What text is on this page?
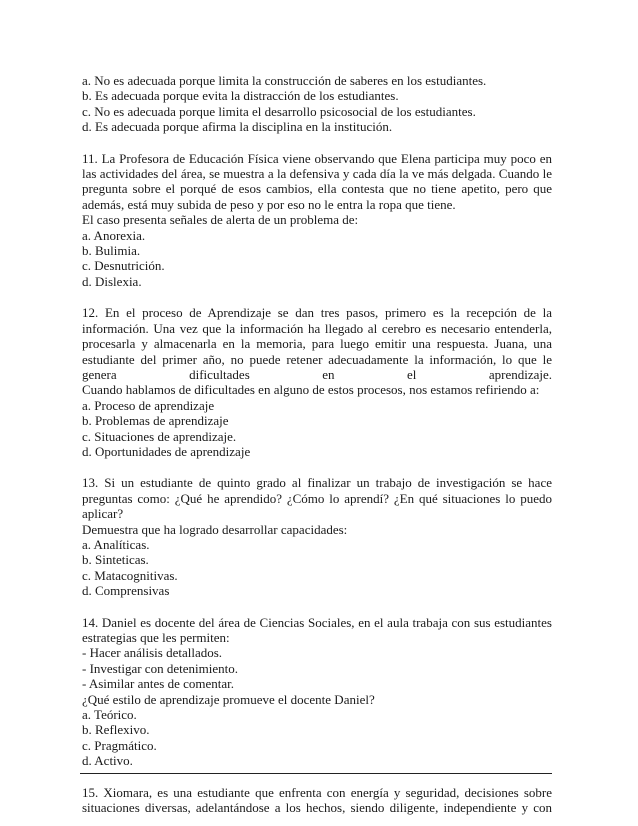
a. No es adecuada porque limita la construcción de saberes en los estudiantes.
b. Es adecuada porque evita la distracción de los estudiantes.
c. No es adecuada porque limita el desarrollo psicosocial de los estudiantes.
d. Es adecuada porque afirma la disciplina en la institución.
11. La Profesora de Educación Física viene observando que Elena participa muy poco en las actividades del área, se muestra a la defensiva y cada día la ve más delgada. Cuando le pregunta sobre el porqué de esos cambios, ella contesta que no tiene apetito, pero que además, está muy subida de peso y por eso no le entra la ropa que tiene.
El caso presenta señales de alerta de un problema de:
a. Anorexia.
b. Bulimia.
c. Desnutrición.
d. Dislexia.
12. En el proceso de Aprendizaje se dan tres pasos, primero es la recepción de la información. Una vez que la información ha llegado al cerebro es necesario entenderla, procesarla y almacenarla en la memoria, para luego emitir una respuesta. Juana, una estudiante del primer año, no puede retener adecuadamente la información, lo que le genera dificultades en el aprendizaje.
Cuando hablamos de dificultades en alguno de estos procesos, nos estamos refiriendo a:
a. Proceso de aprendizaje
b. Problemas de aprendizaje
c. Situaciones de aprendizaje.
d. Oportunidades de aprendizaje
13. Si un estudiante de quinto grado al finalizar un trabajo de investigación se hace preguntas como: ¿Qué he aprendido? ¿Cómo lo aprendí? ¿En qué situaciones lo puedo aplicar?
Demuestra que ha logrado desarrollar capacidades:
a. Analíticas.
b. Sinteticas.
c. Matacognitivas.
d. Comprensivas
14. Daniel es docente del área de Ciencias Sociales, en el aula trabaja con sus estudiantes estrategias que les permiten:
- Hacer análisis detallados.
- Investigar con detenimiento.
- Asimilar antes de comentar.
¿Qué estilo de aprendizaje promueve el docente Daniel?
a. Teórico.
b. Reflexivo.
c. Pragmático.
d. Activo.
15. Xiomara, es una estudiante que enfrenta con energía y seguridad, decisiones sobre situaciones diversas, adelantándose a los hechos, siendo diligente, independiente y con
